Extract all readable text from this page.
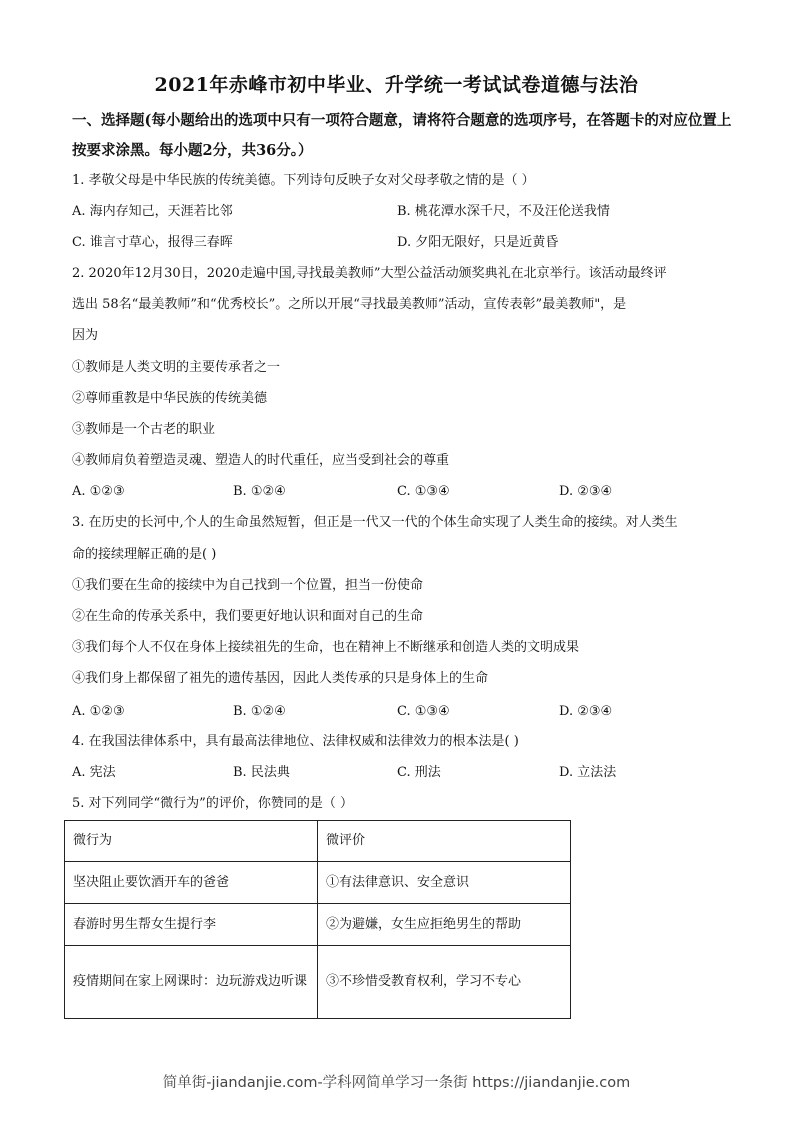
2021年赤峰市初中毕业、升学统一考试试卷道德与法治
一、选择题(每小题给出的选项中只有一项符合题意，请将符合题意的选项序号，在答题卡的对应位置上按要求涂黑。每小题2分，共36分。）
1. 孝敬父母是中华民族的传统美德。下列诗句反映子女对父母孝敬之情的是（ ）
A. 海内存知己，天涯若比邻	B. 桃花潭水深千尺，不及汪伦送我情
C. 谁言寸草心，报得三春晖	D. 夕阳无限好，只是近黄昏
2. 2020年12月30日，2020走遍中国,寻找最美教师”大型公益活动颁奖典礼在北京举行。该活动最终评
选出 58名“最美教师”和“优秀校长”。之所以开展“寻找最美教师”活动，宣传表彰”最美教师"，是
因为
①教师是人类文明的主要传承者之一
②尊师重教是中华民族的传统美德
③教师是一个古老的职业
④教师肩负着塑造灵魂、塑造人的时代重任，应当受到社会的尊重
A. ①②③	B. ①②④	C. ①③④	D. ②③④
3. 在历史的长河中,个人的生命虽然短暂，但正是一代又一代的个体生命实现了人类生命的接续。对人类生
命的接续理解正确的是( )
①我们要在生命的接续中为自己找到一个位置，担当一份使命
②在生命的传承关系中，我们要更好地认识和面对自己的生命
③我们每个人不仅在身体上接续祖先的生命，也在精神上不断继承和创造人类的文明成果
④我们身上都保留了祖先的遗传基因，因此人类传承的只是身体上的生命
A. ①②③	B. ①②④	C. ①③④	D. ②③④
4. 在我国法律体系中，具有最高法律地位、法律权威和法律效力的根本法是( )
A. 宪法	B. 民法典	C. 刑法	D. 立法法
5. 对下列同学“微行为”的评价，你赞同的是（ ）
微行为	微评价
坚决阻止要饮酒开车的爸爸	①有法律意识、安全意识
春游时男生帮女生提行李	②为避嫌，女生应拒绝男生的帮助
疫情期间在家上网课时：边玩游戏边听课	③不珍惜受教育权利，学习不专心
简单街-jiandanjie.com-学科网简单学习一条街 https://jiandanjie.com
